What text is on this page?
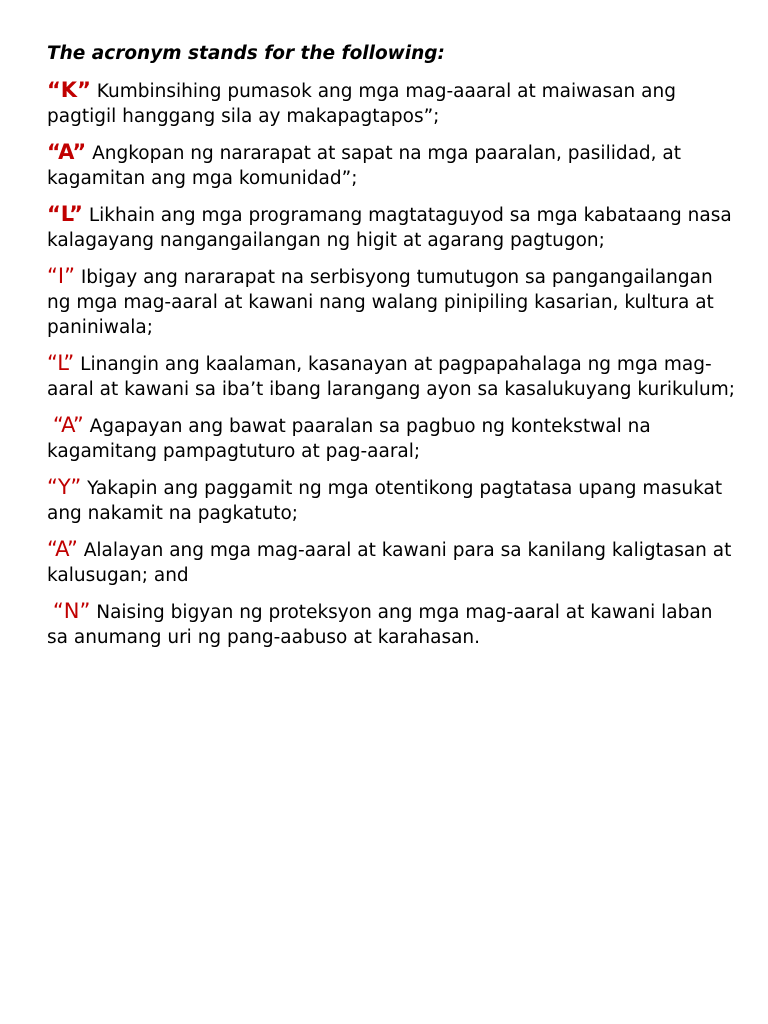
The acronym stands for the following:

“K” Kumbinsihing pumasok ang mga mag-aaaral at maiwasan ang pagtigil hanggang sila ay makapagtapos”;

“A” Angkopan ng nararapat at sapat na mga paaralan, pasilidad, at kagamitan ang mga komunidad”;

“L” Likhain ang mga programang magtataguyod sa mga kabataang nasa kalagayang nangangailangan ng higit at agarang pagtugon;

“I” Ibigay ang nararapat na serbisyong tumutugon sa pangangailangan ng mga mag-aaral at kawani nang walang pinipiling kasarian, kultura at paniniwala;

“L” Linangin ang kaalaman, kasanayan at pagpapahalaga ng mga mag-aaral at kawani sa iba’t ibang larangang ayon sa kasalukuyang kurikulum;

“A” Agapayan ang bawat paaralan sa pagbuo ng kontekstwal na kagamitang pampagtuturo at pag-aaral;

“Y” Yakapin ang paggamit ng mga otentikong pagtatasa upang masukat ang nakamit na pagkatuto;

“A” Alalayan ang mga mag-aaral at kawani para sa kanilang kaligtasan at kalusugan; and

“N” Naising bigyan ng proteksyon ang mga mag-aaral at kawani laban sa anumang uri ng pang-aabuso at karahasan.
